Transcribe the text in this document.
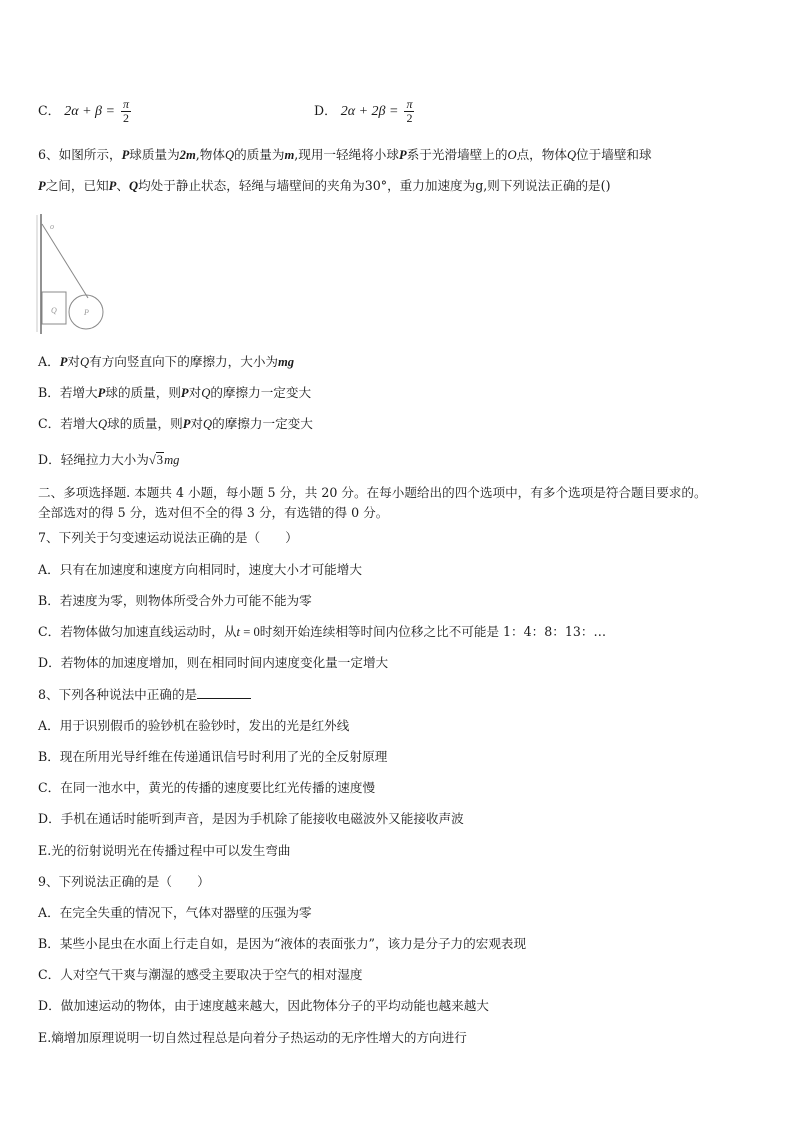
C． $2\alpha + \beta = \frac{\pi}{2}$	D． $2\alpha + 2\beta = \frac{\pi}{2}$
6、如图所示，P球质量为2m,物体Q的质量为m,现用一轻绳将小球P系于光滑墙壁上的O点，物体Q位于墙壁和球
P之间，已知P、Q均处于静止状态，轻绳与墙壁间的夹角为30°，重力加速度为g,则下列说法正确的是()
o
Q	P
A．P对Q有方向竖直向下的摩擦力，大小为mg
B．若增大P球的质量，则P对Q的摩擦力一定变大
C．若增大Q球的质量，则P对Q的摩擦力一定变大
D．轻绳拉力大小为√3mg
二、多项选择题. 本题共 4 小题，每小题 5 分，共 20 分。在每小题给出的四个选项中，有多个选项是符合题目要求的。
全部选对的得 5 分，选对但不全的得 3 分，有选错的得 0 分。
7、下列关于匀变速运动说法正确的是（　　）
A．只有在加速度和速度方向相同时，速度大小才可能增大
B．若速度为零，则物体所受合外力可能不能为零
C．若物体做匀加速直线运动时，从t = 0时刻开始连续相等时间内位移之比不可能是 1：4：8：13：…
D．若物体的加速度增加，则在相同时间内速度变化量一定增大
8、下列各种说法中正确的是
A．用于识别假币的验钞机在验钞时，发出的光是红外线
B．现在所用光导纤维在传递通讯信号时利用了光的全反射原理
C．在同一池水中，黄光的传播的速度要比红光传播的速度慢
D．手机在通话时能听到声音，是因为手机除了能接收电磁波外又能接收声波
E.光的衍射说明光在传播过程中可以发生弯曲
9、下列说法正确的是（　　）
A．在完全失重的情况下，气体对器壁的压强为零
B．某些小昆虫在水面上行走自如，是因为“液体的表面张力”，该力是分子力的宏观表现
C．人对空气干爽与潮湿的感受主要取决于空气的相对湿度
D．做加速运动的物体，由于速度越来越大，因此物体分子的平均动能也越来越大
E.熵增加原理说明一切自然过程总是向着分子热运动的无序性增大的方向进行
